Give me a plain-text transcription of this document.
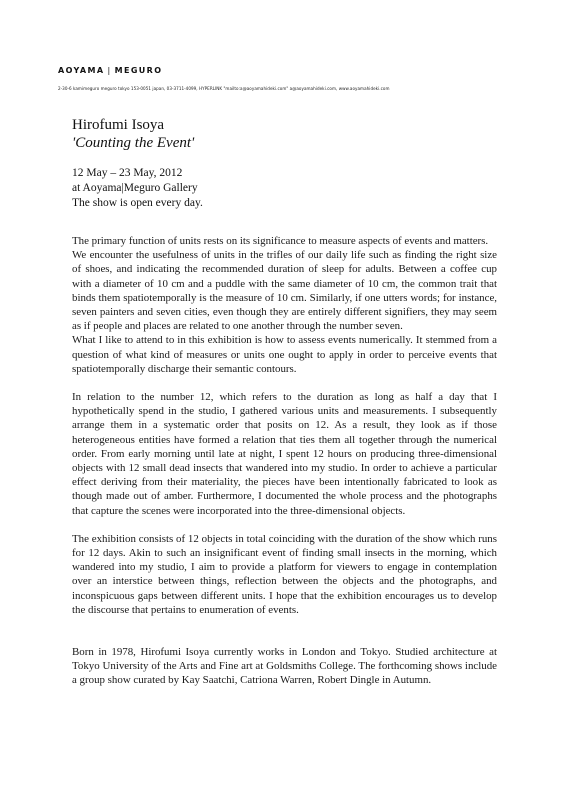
AOYAMA | MEGURO
2-30-6 kamimeguro meguro tokyo 153-0051 japan, 03-3711-4099, HYPERLINK "mailto:a@aoyamahideki.com" a@aoyamahideki.com, www.aoyamahideki.com
Hirofumi Isoya
'Counting the Event'
12 May – 23 May, 2012
at Aoyama|Meguro Gallery
The show is open every day.

The primary function of units rests on its significance to measure aspects of events and matters.

We encounter the usefulness of units in the trifles of our daily life such as finding the right size of shoes, and indicating the recommended duration of sleep for adults. Between a coffee cup with a diameter of 10 cm and a puddle with the same diameter of 10 cm, the common trait that binds them spatiotemporally is the measure of 10 cm. Similarly, if one utters words; for instance, seven painters and seven cities, even though they are entirely different signifiers, they may seem as if people and places are related to one another through the number seven.

What I like to attend to in this exhibition is how to assess events numerically. It stemmed from a question of what kind of measures or units one ought to apply in order to perceive events that spatiotemporally discharge their semantic contours.

In relation to the number 12, which refers to the duration as long as half a day that I hypothetically spend in the studio, I gathered various units and measurements. I subsequently arrange them in a systematic order that posits on 12. As a result, they look as if those heterogeneous entities have formed a relation that ties them all together through the numerical order. From early morning until late at night, I spent 12 hours on producing three-dimensional objects with 12 small dead insects that wandered into my studio. In order to achieve a particular effect deriving from their materiality, the pieces have been intentionally fabricated to look as though made out of amber. Furthermore, I documented the whole process and the photographs that capture the scenes were incorporated into the three-dimensional objects.

The exhibition consists of 12 objects in total coinciding with the duration of the show which runs for 12 days. Akin to such an insignificant event of finding small insects in the morning, which wandered into my studio, I aim to provide a platform for viewers to engage in contemplation over an interstice between things, reflection between the objects and the photographs, and inconspicuous gaps between different units. I hope that the exhibition encourages us to develop the discourse that pertains to enumeration of events.

Born in 1978, Hirofumi Isoya currently works in London and Tokyo. Studied architecture at Tokyo University of the Arts and Fine art at Goldsmiths College. The forthcoming shows include a group show curated by Kay Saatchi, Catriona Warren, Robert Dingle in Autumn.
